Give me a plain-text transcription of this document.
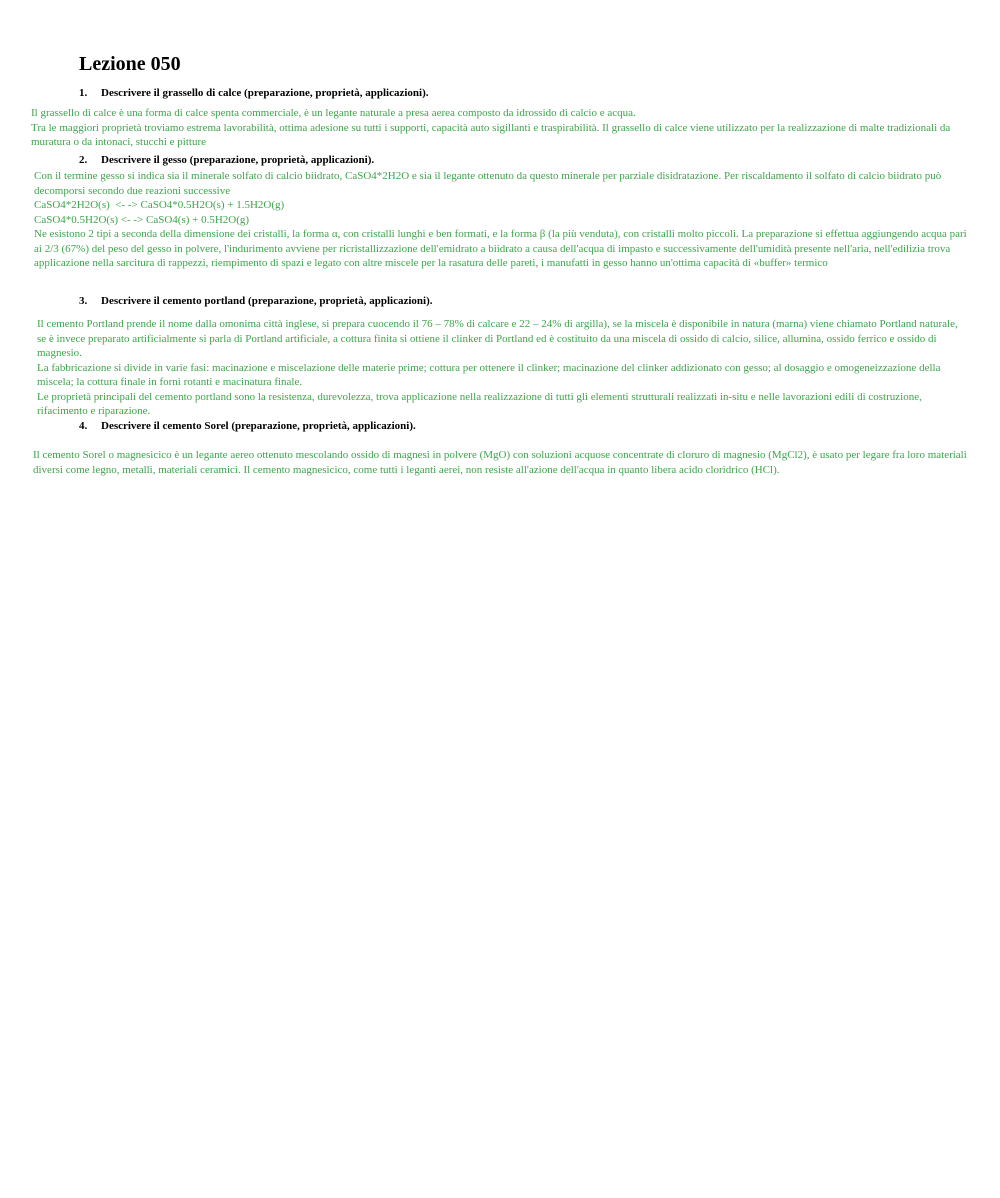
Lezione 050
1. Descrivere il grassello di calce (preparazione, proprietà, applicazioni).
Il grassello di calce è una forma di calce spenta commerciale, è un legante naturale a presa aerea composto da idrossido di calcio e acqua.
Tra le maggiori proprietà troviamo estrema lavorabilità, ottima adesione su tutti i supporti, capacità auto sigillanti e traspirabilità. Il grassello di calce viene utilizzato per la realizzazione di malte tradizionali da muratura o da intonaci, stucchi e pitture
2. Descrivere il gesso (preparazione, proprietà, applicazioni).
Con il termine gesso si indica sia il minerale solfato di calcio biidrato, CaSO4*2H2O e sia il legante ottenuto da questo minerale per parziale disidratazione. Per riscaldamento il solfato di calcio biidrato può decomporsi secondo due reazioni successive
CaSO4*2H2O(s)  <- -> CaSO4*0.5H2O(s) + 1.5H2O(g)
CaSO4*0.5H2O(s) <- -> CaSO4(s) + 0.5H2O(g)
Ne esistono 2 tipi a seconda della dimensione dei cristalli, la forma α, con cristalli lunghi e ben formati, e la forma β (la più venduta), con cristalli molto piccoli. La preparazione si effettua aggiungendo acqua pari ai 2/3 (67%) del peso del gesso in polvere, l'indurimento avviene per ricristallizzazione dell'emidrato a biidrato a causa dell'acqua di impasto e successivamente dell'umidità presente nell'aria, nell'edilizia trova applicazione nella sarcitura di rappezzi, riempimento di spazi e legato con altre miscele per la rasatura delle pareti, i manufatti in gesso hanno un'ottima capacità di «buffer» termico
3. Descrivere il cemento portland (preparazione, proprietà, applicazioni).
Il cemento Portland prende il nome dalla omonima città inglese, si prepara cuocendo il 76 – 78% di calcare e 22 – 24% di argilla), se la miscela è disponibile in natura (marna) viene chiamato Portland naturale, se è invece preparato artificialmente si parla di Portland artificiale, a cottura finita si ottiene il clinker di Portland ed è costituito da una miscela di ossido di calcio, silice, allumina, ossido ferrico e ossido di magnesio.
La fabbricazione si divide in varie fasi: macinazione e miscelazione delle materie prime; cottura per ottenere il clinker; macinazione del clinker addizionato con gesso; al dosaggio e omogeneizzazione della miscela; la cottura finale in forni rotanti e macinatura finale.
Le proprietà principali del cemento portland sono la resistenza, durevolezza, trova applicazione nella realizzazione di tutti gli elementi strutturali realizzati in-situ e nelle lavorazioni edili di costruzione, rifacimento e riparazione.
4. Descrivere il cemento Sorel (preparazione, proprietà, applicazioni).
Il cemento Sorel o magnesicico è un legante aereo ottenuto mescolando ossido di magnesi in polvere (MgO) con soluzioni acquose concentrate di cloruro di magnesio (MgCl2), è usato per legare fra loro materiali diversi come legno, metalli, materiali ceramici. Il cemento magnesicico, come tutti i leganti aerei, non resiste all'azione dell'acqua in quanto libera acido cloridrico (HCl).
